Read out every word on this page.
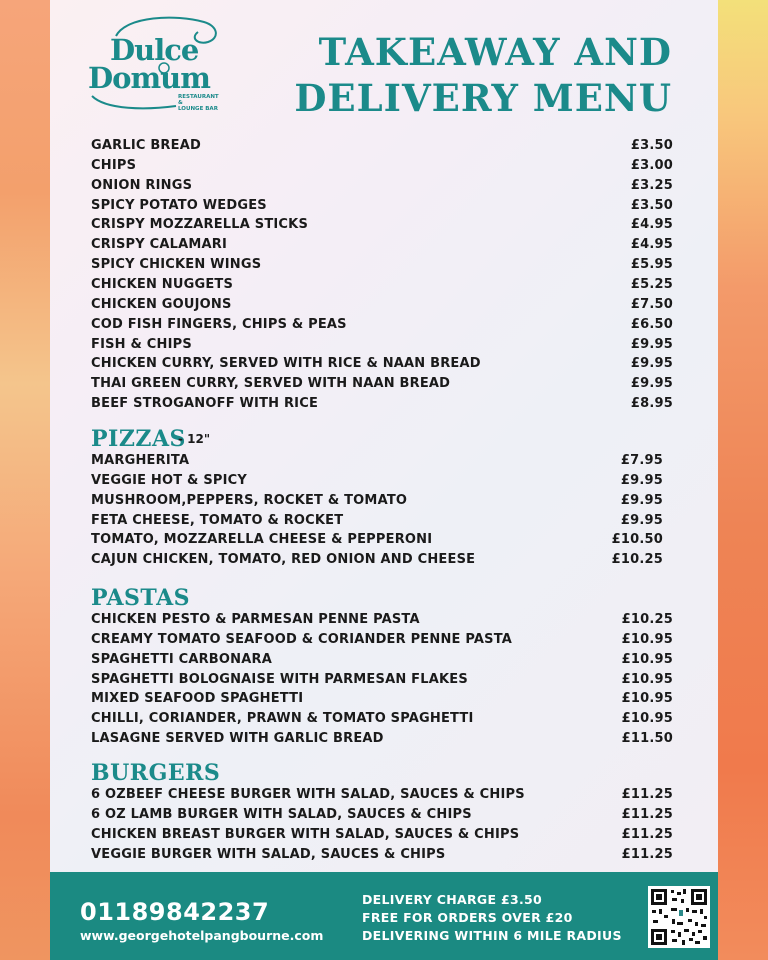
Dulce
Domum
RESTAURANT &
LOUNGE BAR
TAKEAWAY AND
DELIVERY MENU
GARLIC BREAD	£3.50
CHIPS	£3.00
ONION RINGS	£3.25
SPICY POTATO WEDGES	£3.50
CRISPY MOZZARELLA STICKS	£4.95
CRISPY CALAMARI	£4.95
SPICY CHICKEN WINGS	£5.95
CHICKEN NUGGETS	£5.25
CHICKEN GOUJONS	£7.50
COD FISH FINGERS, CHIPS & PEAS	£6.50
FISH & CHIPS	£9.95
CHICKEN CURRY, SERVED WITH RICE & NAAN BREAD	£9.95
THAI GREEN CURRY, SERVED WITH NAAN BREAD	£9.95
BEEF STROGANOFF WITH RICE	£8.95
PIZZAS
- 12"
MARGHERITA	£7.95
VEGGIE HOT & SPICY	£9.95
MUSHROOM,PEPPERS, ROCKET & TOMATO	£9.95
FETA CHEESE, TOMATO & ROCKET	£9.95
TOMATO, MOZZARELLA CHEESE & PEPPERONI	£10.50
CAJUN CHICKEN, TOMATO, RED ONION AND CHEESE	£10.25
PASTAS
CHICKEN PESTO & PARMESAN PENNE PASTA	£10.25
CREAMY TOMATO SEAFOOD & CORIANDER PENNE PASTA	£10.95
SPAGHETTI CARBONARA	£10.95
SPAGHETTI BOLOGNAISE WITH PARMESAN FLAKES	£10.95
MIXED SEAFOOD SPAGHETTI	£10.95
CHILLI, CORIANDER, PRAWN & TOMATO SPAGHETTI	£10.95
LASAGNE SERVED WITH GARLIC BREAD	£11.50
BURGERS
6 OZBEEF CHEESE BURGER WITH SALAD, SAUCES & CHIPS	£11.25
6 OZ LAMB BURGER WITH SALAD, SAUCES & CHIPS	£11.25
CHICKEN BREAST BURGER WITH SALAD, SAUCES & CHIPS	£11.25
VEGGIE BURGER WITH SALAD, SAUCES & CHIPS	£11.25
01189842237
www.georgehotelpangbourne.com
DELIVERY CHARGE £3.50
FREE FOR ORDERS OVER £20
DELIVERING WITHIN 6 MILE RADIUS
